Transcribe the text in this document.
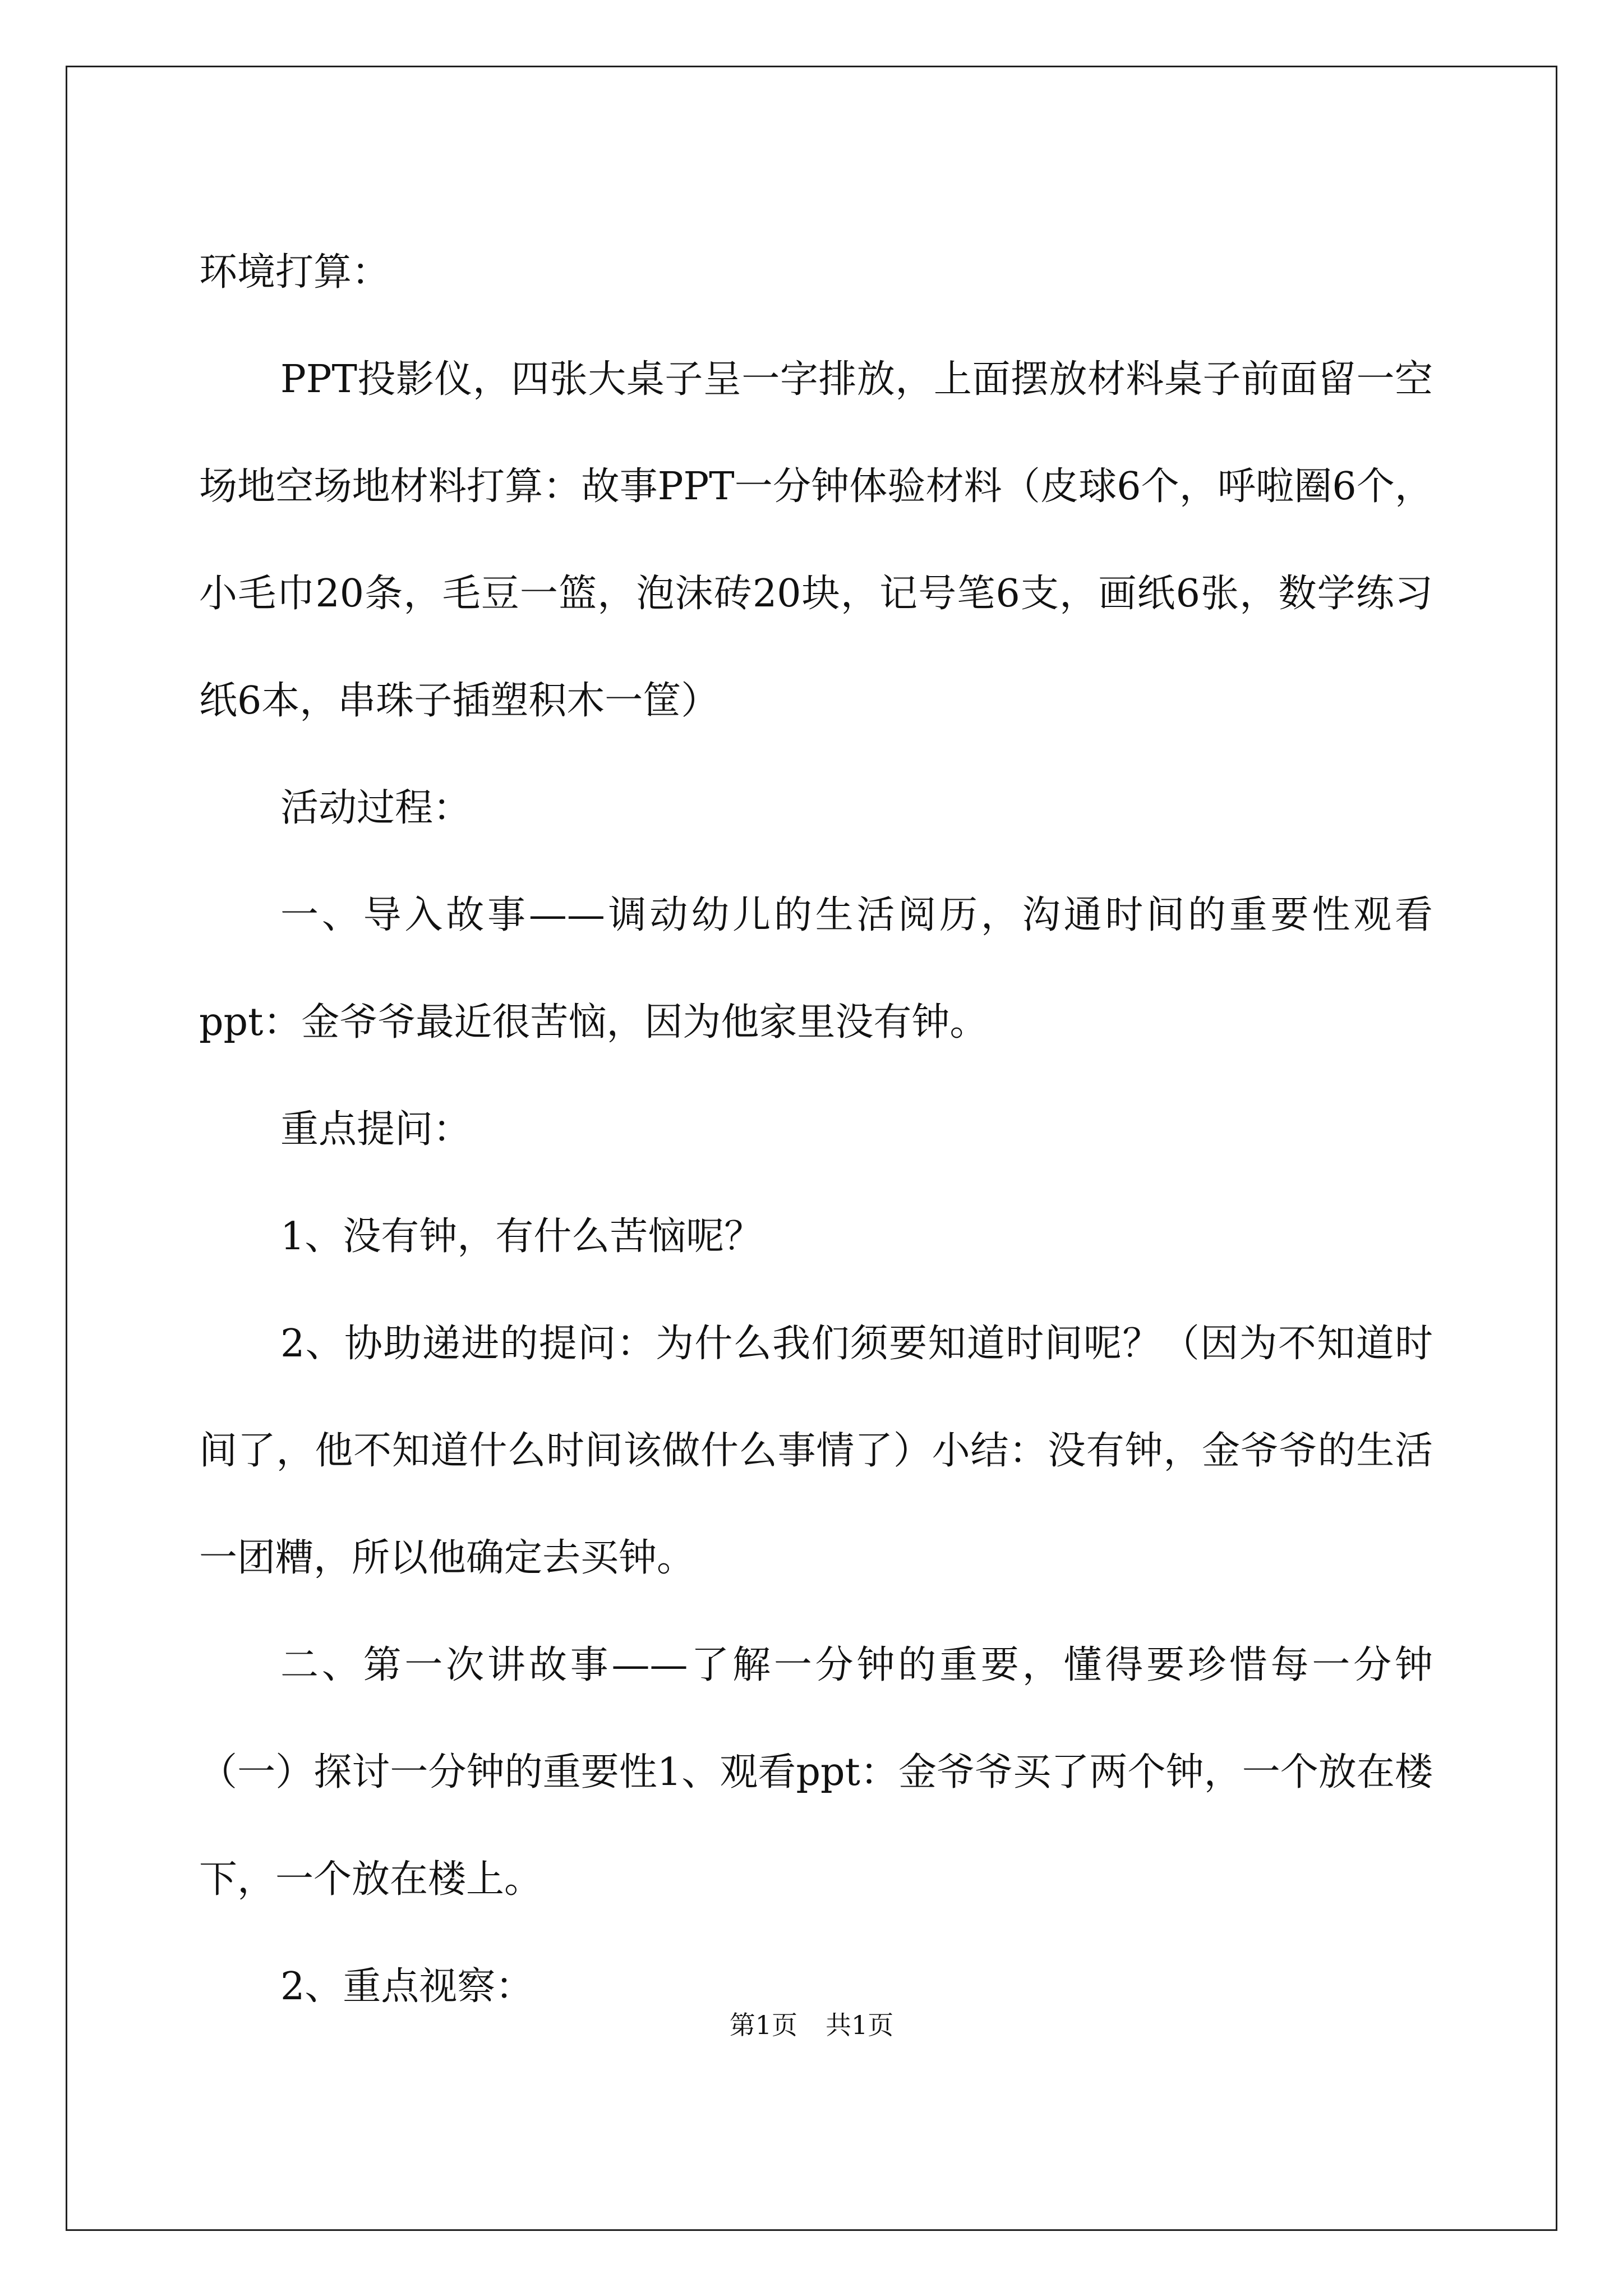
环境打算：

PPT投影仪，四张大桌子呈一字排放，上面摆放材料桌子前面留一空场地空场地材料打算：故事PPT一分钟体验材料（皮球6个，呼啦圈6个，小毛巾20条，毛豆一篮，泡沫砖20块，记号笔6支，画纸6张，数学练习纸6本，串珠子插塑积木一筐）

活动过程：

一、导入故事——调动幼儿的生活阅历，沟通时间的重要性观看ppt：金爷爷最近很苦恼，因为他家里没有钟。

重点提问：

1、没有钟，有什么苦恼呢？

2、协助递进的提问：为什么我们须要知道时间呢？（因为不知道时间了，他不知道什么时间该做什么事情了）小结：没有钟，金爷爷的生活一团糟，所以他确定去买钟。

二、第一次讲故事——了解一分钟的重要，懂得要珍惜每一分钟（一）探讨一分钟的重要性1、观看ppt：金爷爷买了两个钟，一个放在楼下，一个放在楼上。

2、重点视察：

第1页 共1页
